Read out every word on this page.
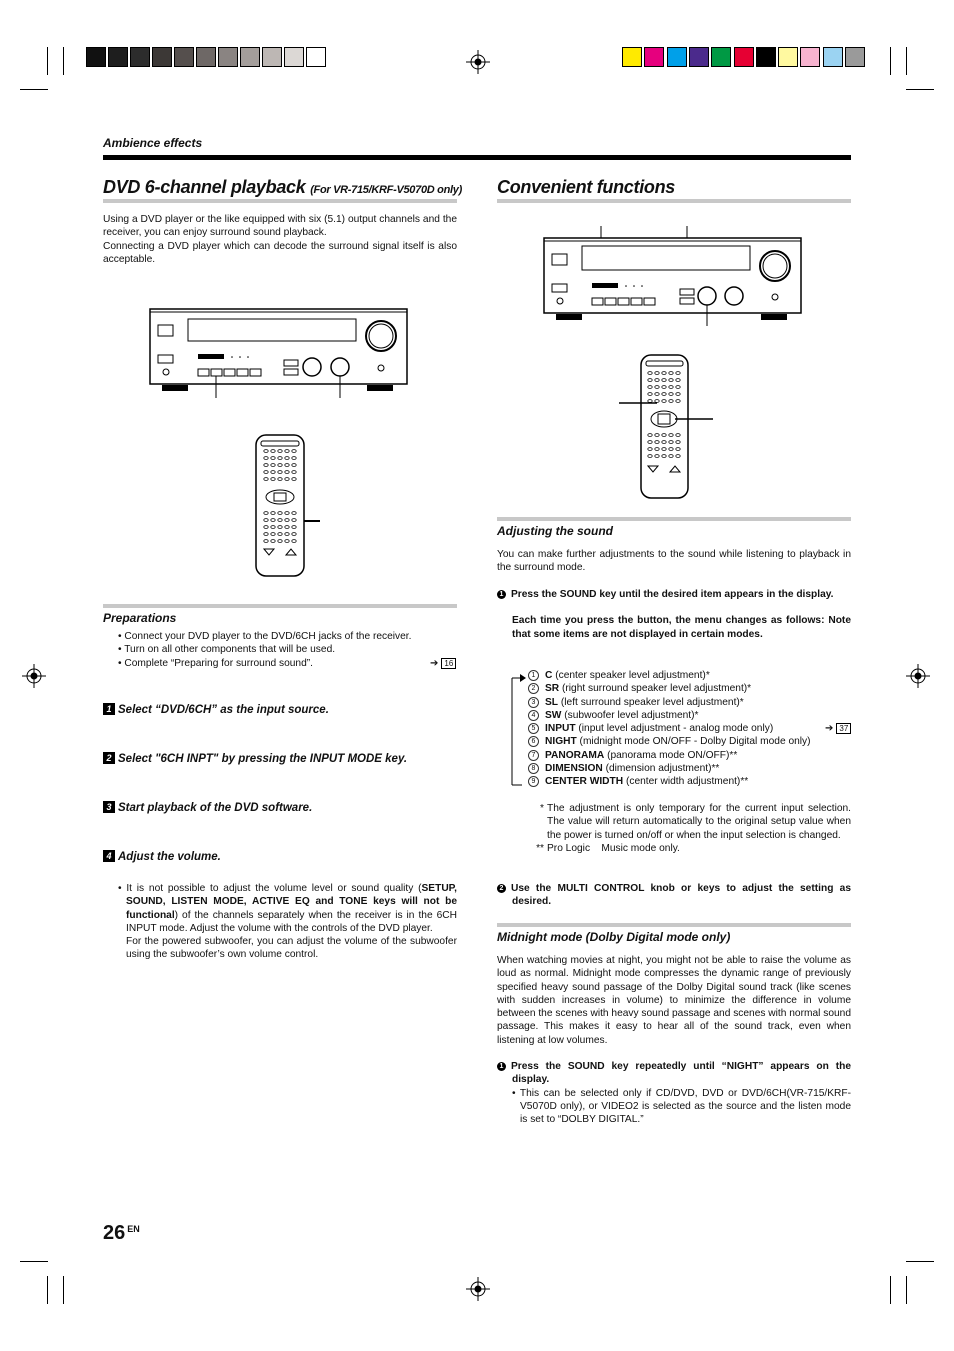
Ambience effects
DVD 6-channel playback (For VR-715/KRF-V5070D only)
Using a DVD player or the like equipped with six (5.1) output channels and the receiver, you can enjoy surround sound playback.
Connecting a DVD player which can decode the surround signal itself is also acceptable.
Preparations
• Connect your DVD player to the DVD/6CH jacks of the receiver.
• Turn on all other components that will be used.
• Complete “Preparing for surround sound”.	➔ 16
1 Select “DVD/6CH” as the input source.
2 Select "6CH INPT" by pressing the INPUT MODE key.
3 Start playback of the DVD software.
4 Adjust the volume.
• It is not possible to adjust the volume level or sound quality (SETUP, SOUND, LISTEN MODE, ACTIVE EQ and TONE keys will not be functional) of the channels separately when the receiver is in the 6CH INPUT mode. Adjust the volume with the controls of the DVD player.
For the powered subwoofer, you can adjust the volume of the subwoofer using the subwoofer’s own volume control.
Convenient functions
Adjusting the sound
You can make further adjustments to the sound while listening to playback in the surround mode.
1 Press the SOUND key until the desired item appears in the display.
Each time you press the button, the menu changes as follows: Note that some items are not displayed in certain modes.
1 C (center speaker level adjustment)*
2 SR (right surround speaker level adjustment)*
3 SL (left surround speaker level adjustment)*
4 SW (subwoofer level adjustment)*
5 INPUT (input level adjustment - analog mode only)
6 NIGHT (midnight mode ON/OFF - Dolby Digital mode only)
7 PANORAMA (panorama mode ON/OFF)**
8 DIMENSION (dimension adjustment)**
9 CENTER WIDTH (center width adjustment)**
➔ 37
* The adjustment is only temporary for the current input selection. The value will return automatically to the original setup value when the power is turned on/off or when the input selection is changed.
** Pro Logic    Music mode only.
2 Use the MULTI CONTROL knob or keys to adjust the setting as desired.
Midnight mode (Dolby Digital mode only)
When watching movies at night, you might not be able to raise the volume as loud as normal. Midnight mode compresses the dynamic range of previously specified heavy sound passage of the Dolby Digital sound track (like scenes with sudden increases in volume) to minimize the difference in volume between the scenes with heavy sound passage and scenes with normal sound passage. This makes it easy to hear all of the sound track, even when listening at low volumes.
1 Press the SOUND key repeatedly until “NIGHT” appears on the display.
• This can be selected only if CD/DVD, DVD or DVD/6CH(VR-715/KRF-V5070D only), or VIDEO2 is selected as the source and the listen mode is set to “DOLBY DIGITAL.”
26 $^{EN}$
